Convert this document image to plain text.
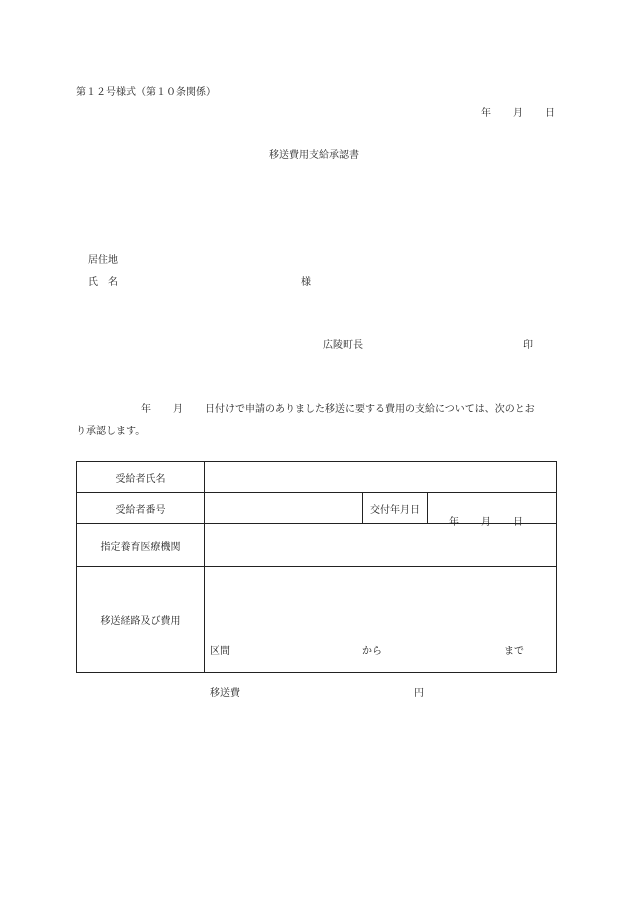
第１２号様式（第１０条関係）
年 月 日
移送費用支給承認書
居住地
氏　名	様
広陵町長	印
年 月 日付けで申請のありました移送に要する費用の支給については、次のとお
り承認します。
受給者氏名			
受給者番号		交付年月日	年 月 日

指定養育医療機関			
移送経路及び費用	区間 から まで
移送費 円		
